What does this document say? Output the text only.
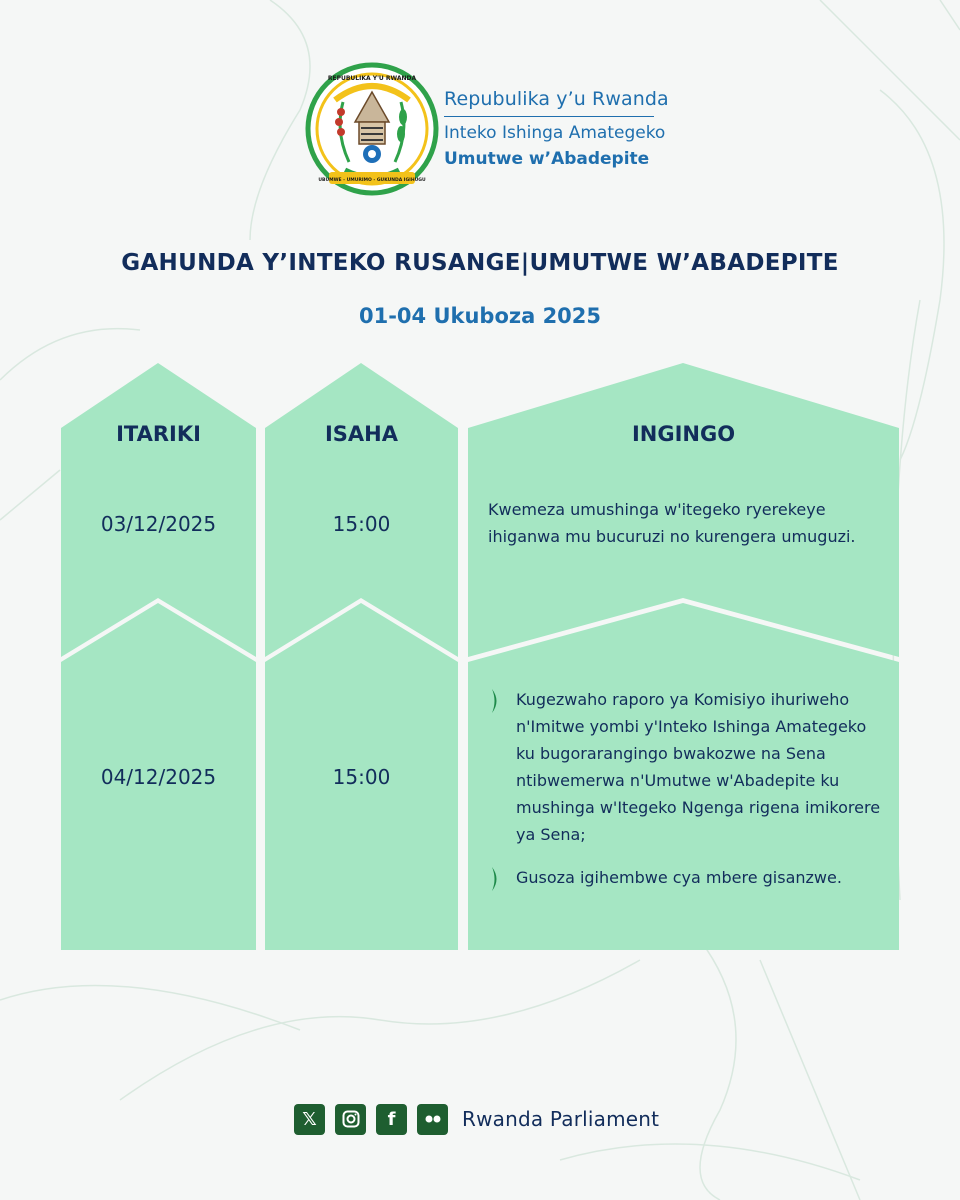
REPUBULIKA Y'U RWANDA
UBUMWE - UMURIMO - GUKUNDA IGIHUGU
Repubulika y’u Rwanda
Inteko Ishinga Amategeko
Umutwe w’Abadepite
GAHUNDA Y’INTEKO RUSANGE|UMUTWE W’ABADEPITE
01-04 Ukuboza 2025
ITARIKI	ISAHA	INGINGO
03/12/2025	15:00
Kwemeza umushinga w'itegeko ryerekeye
ihiganwa mu bucuruzi no kurengera umuguzi.
04/12/2025	15:00
Kugezwaho raporo ya Komisiyo ihuriweho
n'Imitwe yombi y'Inteko Ishinga Amategeko
ku bugorarangingo bwakozwe na Sena
ntibwemerwa n'Umutwe w'Abadepite ku
mushinga w'Itegeko Ngenga rigena imikorere
ya Sena;
Gusoza igihembwe cya mbere gisanzwe.
𝕏	f	Rwanda Parliament
